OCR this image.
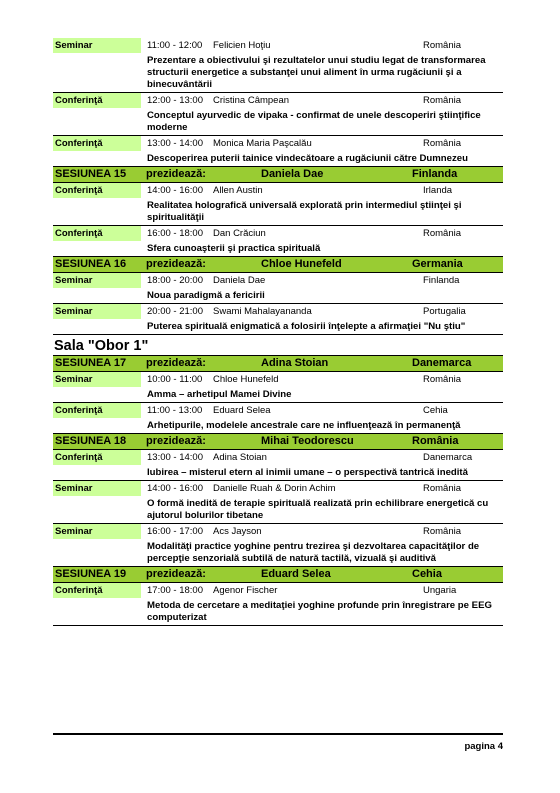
Seminar	11:00 - 12:00	Felicien Hoţiu	România
Prezentare a obiectivului şi rezultatelor unui studiu legat de transformarea structurii energetice a substanţei unui aliment în urma rugăciunii şi a binecuvântării
Conferinţă	12:00 - 13:00	Cristina Câmpean	România
Conceptul ayurvedic de vipaka - confirmat de unele descoperiri ştiinţifice moderne
Conferinţă	13:00 - 14:00	Monica Maria Paşcalău	România
Descoperirea puterii tainice vindecătoare a rugăciunii către Dumnezeu
SESIUNEA 15	prezidează:	Daniela Dae	Finlanda
Conferinţă	14:00 - 16:00	Allen Austin	Irlanda
Realitatea holografică universală explorată prin intermediul ştiinţei şi spiritualităţii
Conferinţă	16:00 - 18:00	Dan Crăciun	România
Sfera cunoaşterii şi practica spirituală
SESIUNEA 16	prezidează:	Chloe Hunefeld	Germania
Seminar	18:00 - 20:00	Daniela Dae	Finlanda
Noua paradigmă a fericirii
Seminar	20:00 - 21:00	Swami Mahalayananda	Portugalia
Puterea spirituală enigmatică a folosirii înţelepte a afirmaţiei "Nu ştiu"
Sala "Obor 1"
SESIUNEA 17	prezidează:	Adina Stoian	Danemarca
Seminar	10:00 - 11:00	Chloe Hunefeld	România
Amma – arhetipul Mamei Divine
Conferinţă	11:00 - 13:00	Eduard Selea	Cehia
Arhetipurile, modelele ancestrale care ne influenţează în permanenţă
SESIUNEA 18	prezidează:	Mihai Teodorescu	România
Conferinţă	13:00 - 14:00	Adina Stoian	Danemarca
Iubirea – misterul etern al inimii umane – o perspectivă tantrică inedită
Seminar	14:00 - 16:00	Danielle Ruah & Dorin Achim	România
O formă inedită de terapie spirituală realizată prin echilibrare energetică cu ajutorul bolurilor tibetane
Seminar	16:00 - 17:00	Acs Jayson	România
Modalităţi practice yoghine pentru trezirea şi dezvoltarea capacităţilor de percepţie senzorială subtilă de natură tactilă, vizuală şi auditivă
SESIUNEA 19	prezidează:	Eduard Selea	Cehia
Conferinţă	17:00 - 18:00	Agenor Fischer	Ungaria
Metoda de cercetare a meditaţiei yoghine profunde prin înregistrare pe EEG computerizat
pagina 4
